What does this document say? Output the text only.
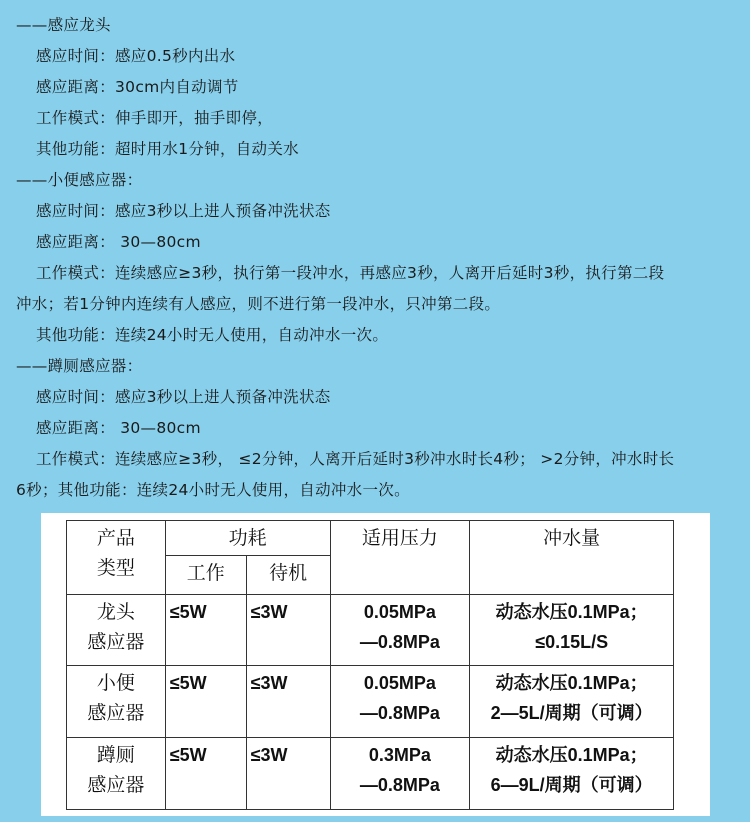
——感应龙头
感应时间：感应0.5秒内出水
感应距离：30cm内自动调节
工作模式：伸手即开，抽手即停，
其他功能：超时用水1分钟，自动关水
——小便感应器：
感应时间：感应3秒以上进人预备冲洗状态
感应距离： 30—80cm
工作模式：连续感应≥3秒，执行第一段冲水，再感应3秒，人离开后延时3秒，执行第二段
冲水；若1分钟内连续有人感应，则不进行第一段冲水，只冲第二段。
其他功能：连续24小时无人使用，自动冲水一次。
——蹲厕感应器：
感应时间：感应3秒以上进人预备冲洗状态
感应距离： 30—80cm
工作模式：连续感应≥3秒， ≤2分钟，人离开后延时3秒冲水时长4秒； >2分钟，冲水时长
6秒；其他功能：连续24小时无人使用，自动冲水一次。
产品
类型	功耗		适用压力	冲水量
	工作	待机		

龙头
感应器	≤5W	≤3W	0.05MPa
—0.8MPa	动态水压0.1MPa；
≤0.15L/S

小便
感应器	≤5W	≤3W	0.05MPa
—0.8MPa	动态水压0.1MPa；
2—5L/周期（可调）

蹲厕
感应器	≤5W	≤3W	0.3MPa
—0.8MPa	动态水压0.1MPa；
6—9L/周期（可调）
